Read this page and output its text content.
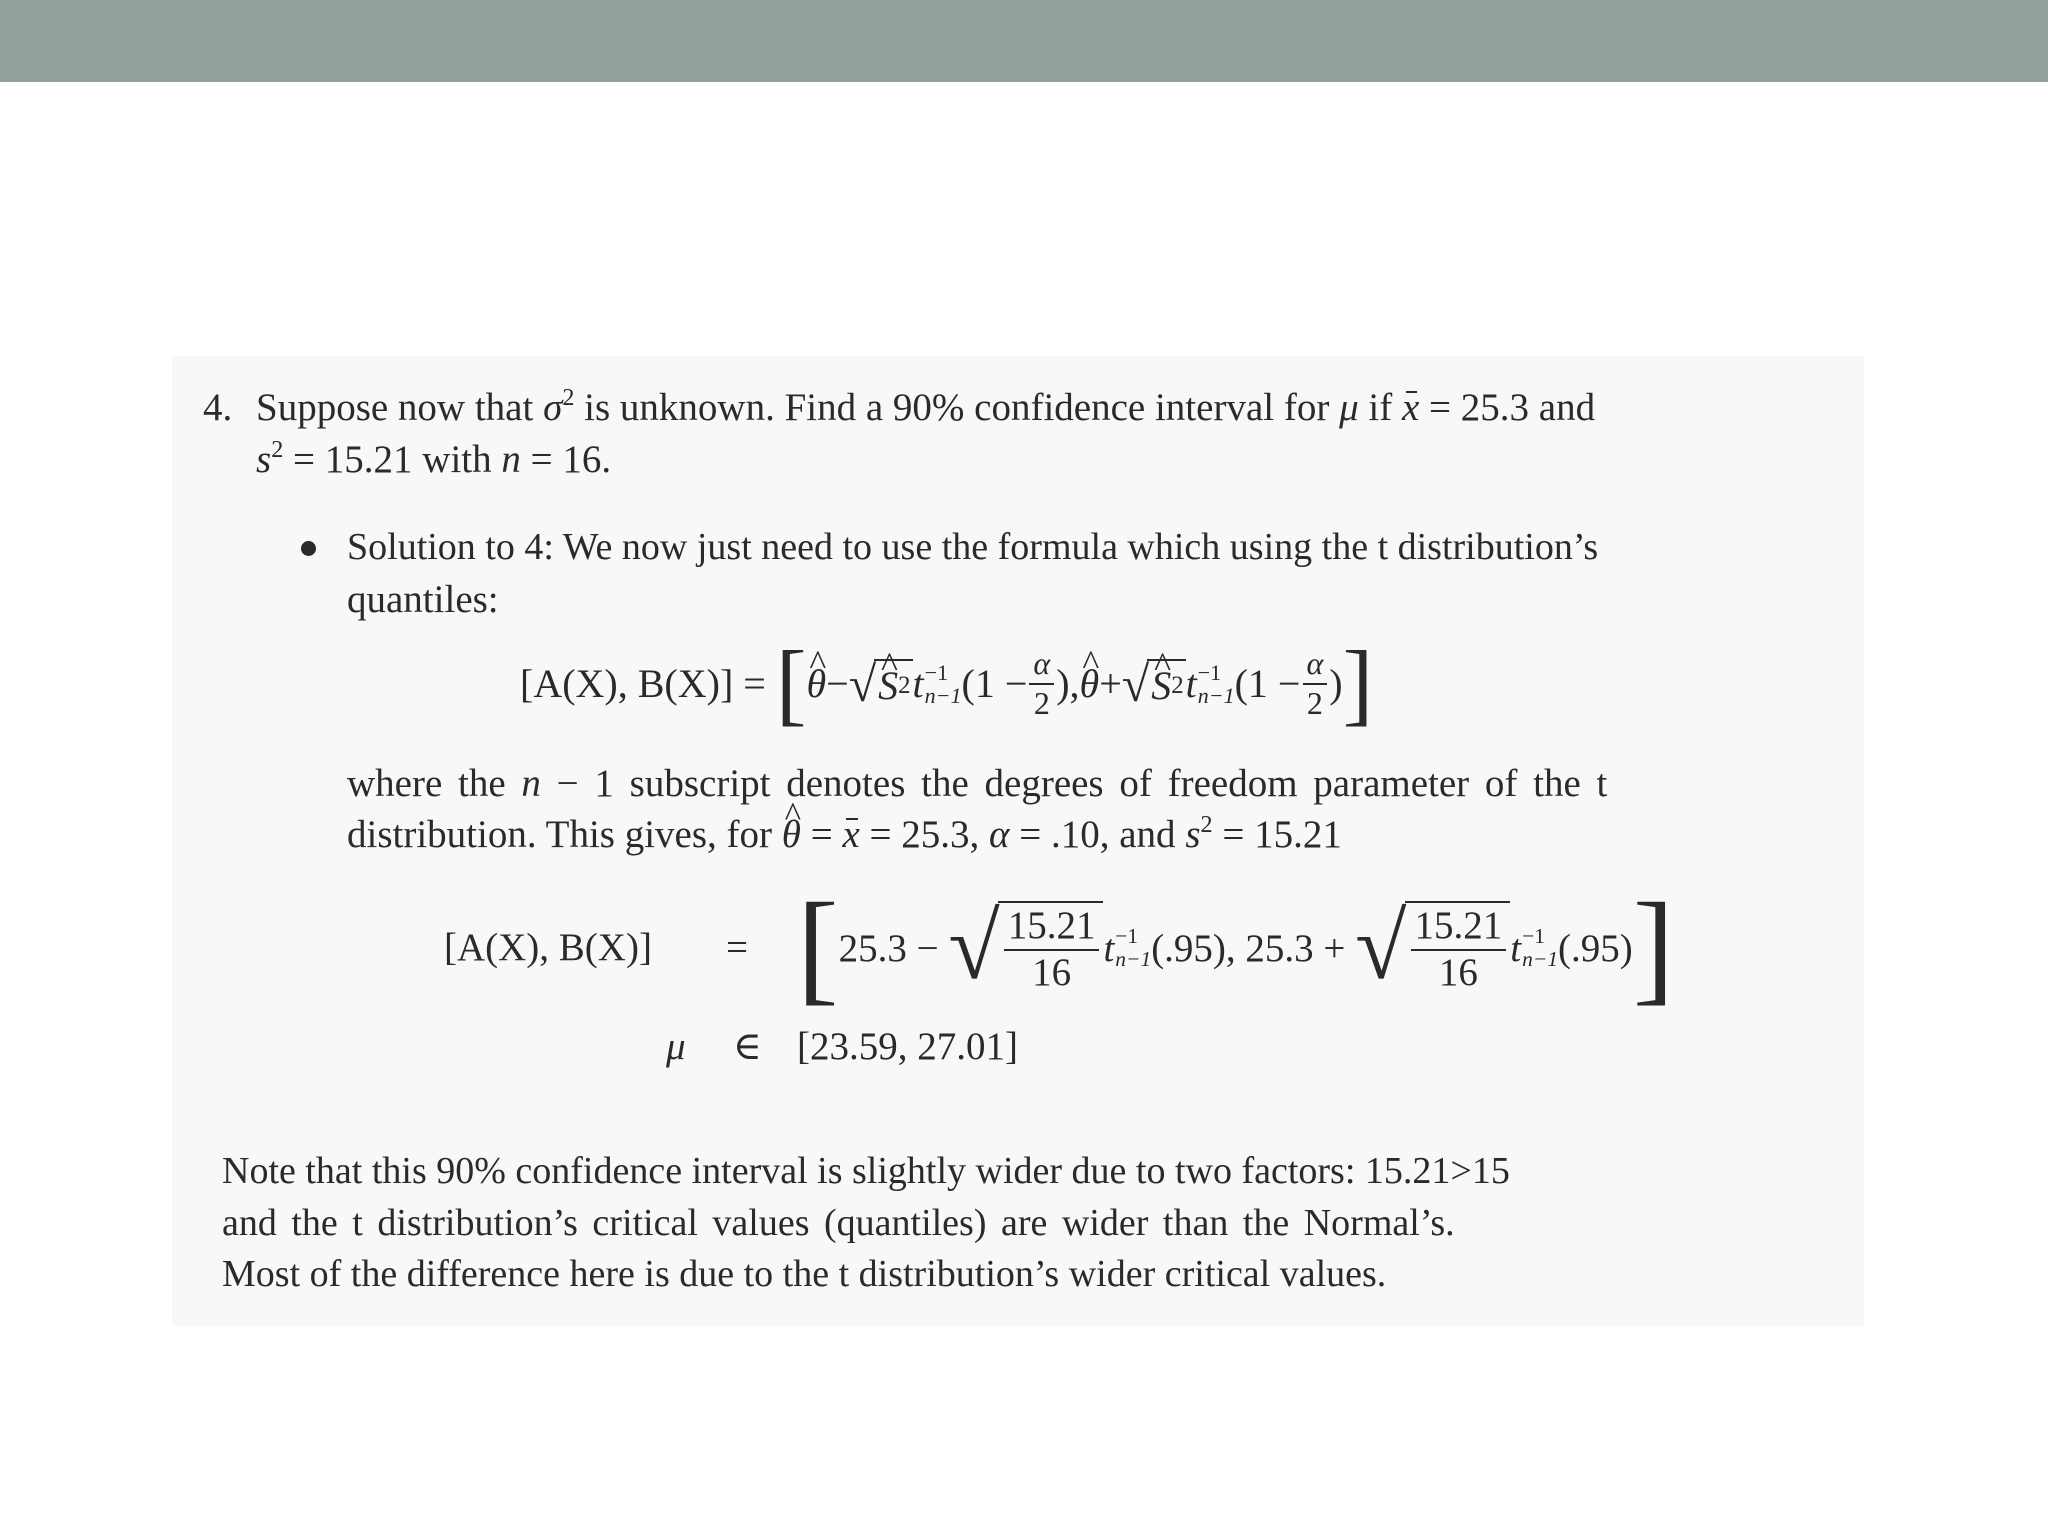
4. Suppose now that $\sigma^2$ is unknown. Find a 90% confidence interval for μ if x = 25.3 and
$s^2 = 15.21$ with n = 16.
Solution to 4: We now just need to use the formula which using the t distribution’s
quantiles:
[A(X), B(X)] =
[ ^ θ − √ ^ S 2 t −1
n−1 ($1 - \frac{\alpha}{2}$ ), ^ θ + √ ^ S 2 t −1
n−1 ($1 - \frac{\alpha}{2}$ ) ]
where the n − 1 subscript denotes the degrees of freedom parameter of the t
distribution. This gives, for ^ θ = x = 25.3, α = .10, and $s^2 = 15.21$
[A(X), B(X)] = [ 25.3 −
√ $\frac{15.21}{16}$ t −1
n−1 (.95), 25.3 +
√ $\frac{15.21}{16}$ t −1
n−1 (.95) ]
μ ∈ [23.59, 27.01]
Note that this 90% confidence interval is slightly wider due to two factors: 15.21>15
and the t distribution’s critical values (quantiles) are wider than the Normal’s.
Most of the difference here is due to the t distribution’s wider critical values.
